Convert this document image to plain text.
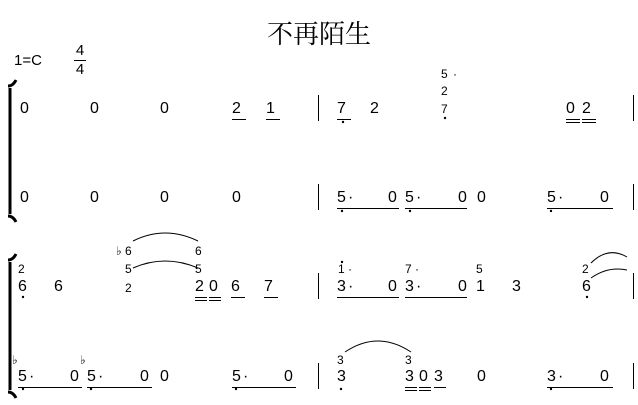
不再陌生
1=C
4
4
0	0	0	2	1	7	2
5 ·
2
7	0 2
0	0	0	0	5 · 0 5 · 0 0	5 · 0
2
♭ 6	6
5	5	1 ·	7 ·	5	2
6 6	2	2 0 6	7	3 · 0 3 · 0 1 3	6
♭
5 · 0
♭
5 · 0 0	5 · 0
3
3
3
3 0 3 0	3 · 0
